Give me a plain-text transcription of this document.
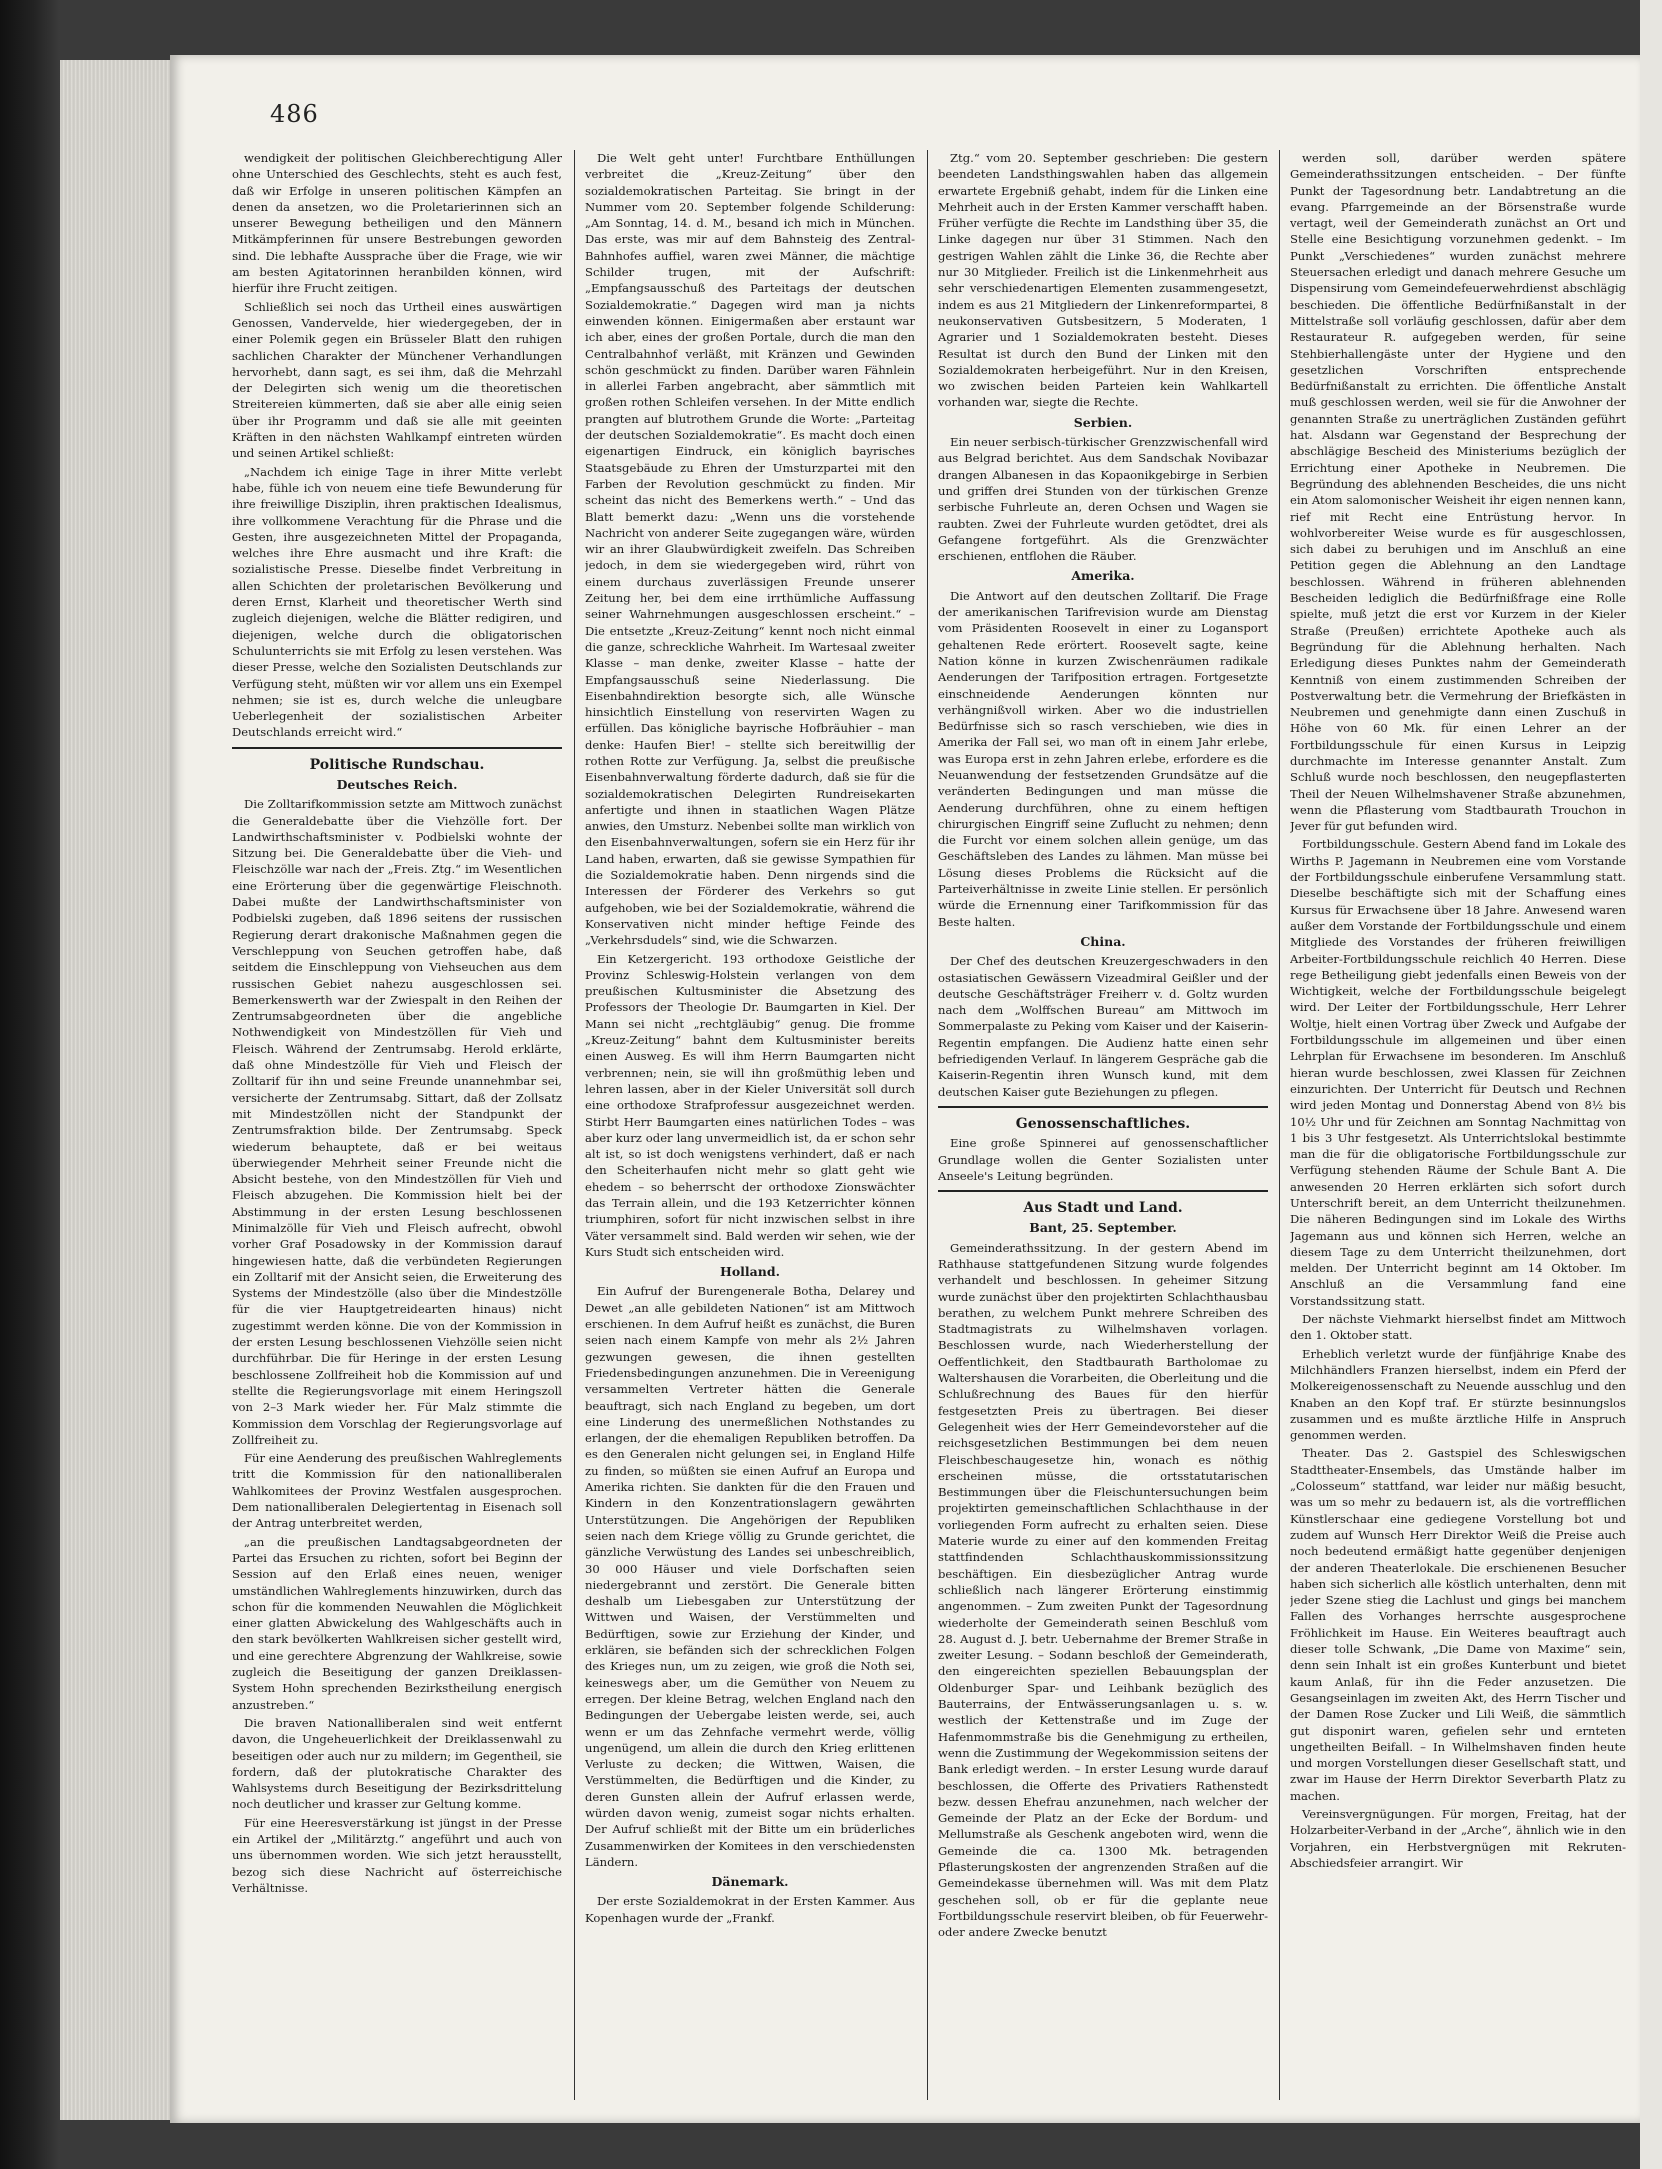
486

wendigkeit der politischen Gleichberechtigung Aller ohne Unterschied des Geschlechts, steht es auch fest, daß wir Erfolge in unseren politischen Kämpfen an denen da ansetzen, wo die Proletarierinnen sich an unserer Bewegung betheiligen und den Männern Mitkämpferinnen für unsere Bestrebungen geworden sind. Die lebhafte Aussprache über die Frage, wie wir am besten Agitatorinnen heranbilden können, wird hierfür ihre Frucht zeitigen.

Schließlich sei noch das Urtheil eines auswärtigen Genossen, Vandervelde, hier wiedergegeben, der in einer Polemik gegen ein Brüsseler Blatt den ruhigen sachlichen Charakter der Münchener Verhandlungen hervorhebt, dann sagt, es sei ihm, daß die Mehrzahl der Delegirten sich wenig um die theoretischen Streitereien kümmerten, daß sie aber alle einig seien über ihr Programm und daß sie alle mit geeinten Kräften in den nächsten Wahlkampf eintreten würden und seinen Artikel schließt:

„Nachdem ich einige Tage in ihrer Mitte verlebt habe, fühle ich von neuem eine tiefe Bewunderung für ihre freiwillige Disziplin, ihren praktischen Idealismus, ihre vollkommene Verachtung für die Phrase und die Gesten, ihre ausgezeichneten Mittel der Propaganda, welches ihre Ehre ausmacht und ihre Kraft: die sozialistische Presse. Dieselbe findet Verbreitung in allen Schichten der proletarischen Bevölkerung und deren Ernst, Klarheit und theoretischer Werth sind zugleich diejenigen, welche die Blätter redigiren, und diejenigen, welche durch die obligatorischen Schulunterrichts sie mit Erfolg zu lesen verstehen. Was dieser Presse, welche den Sozialisten Deutschlands zur Verfügung steht, müßten wir vor allem uns ein Exempel nehmen; sie ist es, durch welche die unleugbare Ueberlegenheit der sozialistischen Arbeiter Deutschlands erreicht wird.“

Politische Rundschau.
Deutsches Reich.

Die Zolltarifkommission setzte am Mittwoch zunächst die Generaldebatte über die Viehzölle fort. Der Landwirthschaftsminister v. Podbielski wohnte der Sitzung bei. Die Generaldebatte über die Vieh- und Fleischzölle war nach der „Freis. Ztg.“ im Wesentlichen eine Erörterung über die gegenwärtige Fleischnoth. Dabei mußte der Landwirthschaftsminister von Podbielski zugeben, daß 1896 seitens der russischen Regierung derart drakonische Maßnahmen gegen die Verschleppung von Seuchen getroffen habe, daß seitdem die Einschleppung von Viehseuchen aus dem russischen Gebiet nahezu ausgeschlossen sei. Bemerkenswerth war der Zwiespalt in den Reihen der Zentrumsabgeordneten über die angebliche Nothwendigkeit von Mindestzöllen für Vieh und Fleisch. Während der Zentrumsabg. Herold erklärte, daß ohne Mindestzölle für Vieh und Fleisch der Zolltarif für ihn und seine Freunde unannehmbar sei, versicherte der Zentrumsabg. Sittart, daß der Zollsatz mit Mindestzöllen nicht der Standpunkt der Zentrumsfraktion bilde. Der Zentrumsabg. Speck wiederum behauptete, daß er bei weitaus überwiegender Mehrheit seiner Freunde nicht die Absicht bestehe, von den Mindestzöllen für Vieh und Fleisch abzugehen. Die Kommission hielt bei der Abstimmung in der ersten Lesung beschlossenen Minimalzölle für Vieh und Fleisch aufrecht, obwohl vorher Graf Posadowsky in der Kommission darauf hingewiesen hatte, daß die verbündeten Regierungen ein Zolltarif mit der Ansicht seien, die Erweiterung des Systems der Mindestzölle (also über die Mindestzölle für die vier Hauptgetreidearten hinaus) nicht zugestimmt werden könne. Die von der Kommission in der ersten Lesung beschlossenen Viehzölle seien nicht durchführbar. Die für Heringe in der ersten Lesung beschlossene Zollfreiheit hob die Kommission auf und stellte die Regierungsvorlage mit einem Heringszoll von 2–3 Mark wieder her. Für Malz stimmte die Kommission dem Vorschlag der Regierungsvorlage auf Zollfreiheit zu.

Für eine Aenderung des preußischen Wahlreglements tritt die Kommission für den nationalliberalen Wahlkomitees der Provinz Westfalen ausgesprochen. Dem nationalliberalen Delegiertentag in Eisenach soll der Antrag unterbreitet werden,

„an die preußischen Landtagsabgeordneten der Partei das Ersuchen zu richten, sofort bei Beginn der Session auf den Erlaß eines neuen, weniger umständlichen Wahlreglements hinzuwirken, durch das schon für die kommenden Neuwahlen die Möglichkeit einer glatten Abwickelung des Wahlgeschäfts auch in den stark bevölkerten Wahlkreisen sicher gestellt wird, und eine gerechtere Abgrenzung der Wahlkreise, sowie zugleich die Beseitigung der ganzen Dreiklassen-System Hohn sprechenden Bezirkstheilung energisch anzustreben.“

Die braven Nationalliberalen sind weit entfernt davon, die Ungeheuerlichkeit der Dreiklassenwahl zu beseitigen oder auch nur zu mildern; im Gegentheil, sie fordern, daß der plutokratische Charakter des Wahlsystems durch Beseitigung der Bezirksdrittelung noch deutlicher und krasser zur Geltung komme.

Für eine Heeresverstärkung ist jüngst in der Presse ein Artikel der „Militärztg.“ angeführt und auch von uns übernommen worden. Wie sich jetzt herausstellt, bezog sich diese Nachricht auf österreichische Verhältnisse.

Die Welt geht unter! Furchtbare Enthüllungen verbreitet die „Kreuz-Zeitung“ über den sozialdemokratischen Parteitag. Sie bringt in der Nummer vom 20. September folgende Schilderung: „Am Sonntag, 14. d. M., besand ich mich in München. Das erste, was mir auf dem Bahnsteig des Zentral-Bahnhofes auffiel, waren zwei Männer, die mächtige Schilder trugen, mit der Aufschrift: „Empfangsausschuß des Parteitags der deutschen Sozialdemokratie.“ Dagegen wird man ja nichts einwenden können. Einigermaßen aber erstaunt war ich aber, eines der großen Portale, durch die man den Centralbahnhof verläßt, mit Kränzen und Gewinden schön geschmückt zu finden. Darüber waren Fähnlein in allerlei Farben angebracht, aber sämmtlich mit großen rothen Schleifen versehen. In der Mitte endlich prangten auf blutrothem Grunde die Worte: „Parteitag der deutschen Sozialdemokratie“. Es macht doch einen eigenartigen Eindruck, ein königlich bayrisches Staatsgebäude zu Ehren der Umsturzpartei mit den Farben der Revolution geschmückt zu finden. Mir scheint das nicht des Bemerkens werth.“ – Und das Blatt bemerkt dazu: „Wenn uns die vorstehende Nachricht von anderer Seite zugegangen wäre, würden wir an ihrer Glaubwürdigkeit zweifeln. Das Schreiben jedoch, in dem sie wiedergegeben wird, rührt von einem durchaus zuverlässigen Freunde unserer Zeitung her, bei dem eine irrthümliche Auffassung seiner Wahrnehmungen ausgeschlossen erscheint.“ – Die entsetzte „Kreuz-Zeitung“ kennt noch nicht einmal die ganze, schreckliche Wahrheit. Im Wartesaal zweiter Klasse – man denke, zweiter Klasse – hatte der Empfangsausschuß seine Niederlassung. Die Eisenbahndirektion besorgte sich, alle Wünsche hinsichtlich Einstellung von reservirten Wagen zu erfüllen. Das königliche bayrische Hofbräuhier – man denke: Haufen Bier! – stellte sich bereitwillig der rothen Rotte zur Verfügung. Ja, selbst die preußische Eisenbahnverwaltung förderte dadurch, daß sie für die sozialdemokratischen Delegirten Rundreisekarten anfertigte und ihnen in staatlichen Wagen Plätze anwies, den Umsturz. Nebenbei sollte man wirklich von den Eisenbahnverwaltungen, sofern sie ein Herz für ihr Land haben, erwarten, daß sie gewisse Sympathien für die Sozialdemokratie haben. Denn nirgends sind die Interessen der Förderer des Verkehrs so gut aufgehoben, wie bei der Sozialdemokratie, während die Konservativen nicht minder heftige Feinde des „Verkehrsdudels“ sind, wie die Schwarzen.

Ein Ketzergericht. 193 orthodoxe Geistliche der Provinz Schleswig-Holstein verlangen von dem preußischen Kultusminister die Absetzung des Professors der Theologie Dr. Baumgarten in Kiel. Der Mann sei nicht „rechtgläubig“ genug. Die fromme „Kreuz-Zeitung“ bahnt dem Kultusminister bereits einen Ausweg. Es will ihm Herrn Baumgarten nicht verbrennen; nein, sie will ihn großmüthig leben und lehren lassen, aber in der Kieler Universität soll durch eine orthodoxe Strafprofessur ausgezeichnet werden. Stirbt Herr Baumgarten eines natürlichen Todes – was aber kurz oder lang unvermeidlich ist, da er schon sehr alt ist, so ist doch wenigstens verhindert, daß er nach den Scheiterhaufen nicht mehr so glatt geht wie ehedem – so beherrscht der orthodoxe Zionswächter das Terrain allein, und die 193 Ketzerrichter können triumphiren, sofort für nicht inzwischen selbst in ihre Väter versammelt sind. Bald werden wir sehen, wie der Kurs Studt sich entscheiden wird.

Holland.

Ein Aufruf der Burengenerale Botha, Delarey und Dewet „an alle gebildeten Nationen“ ist am Mittwoch erschienen. In dem Aufruf heißt es zunächst, die Buren seien nach einem Kampfe von mehr als 2½ Jahren gezwungen gewesen, die ihnen gestellten Friedensbedingungen anzunehmen. Die in Vereenigung versammelten Vertreter hätten die Generale beauftragt, sich nach England zu begeben, um dort eine Linderung des unermeßlichen Nothstandes zu erlangen, der die ehemaligen Republiken betroffen. Da es den Generalen nicht gelungen sei, in England Hilfe zu finden, so müßten sie einen Aufruf an Europa und Amerika richten. Sie dankten für die den Frauen und Kindern in den Konzentrationslagern gewährten Unterstützungen. Die Angehörigen der Republiken seien nach dem Kriege völlig zu Grunde gerichtet, die gänzliche Verwüstung des Landes sei unbeschreiblich, 30 000 Häuser und viele Dorfschaften seien niedergebrannt und zerstört. Die Generale bitten deshalb um Liebesgaben zur Unterstützung der Wittwen und Waisen, der Verstümmelten und Bedürftigen, sowie zur Erziehung der Kinder, und erklären, sie befänden sich der schrecklichen Folgen des Krieges nun, um zu zeigen, wie groß die Noth sei, keineswegs aber, um die Gemüther von Neuem zu erregen. Der kleine Betrag, welchen England nach den Bedingungen der Uebergabe leisten werde, sei, auch wenn er um das Zehnfache vermehrt werde, völlig ungenügend, um allein die durch den Krieg erlittenen Verluste zu decken; die Wittwen, Waisen, die Verstümmelten, die Bedürftigen und die Kinder, zu deren Gunsten allein der Aufruf erlassen werde, würden davon wenig, zumeist sogar nichts erhalten. Der Aufruf schließt mit der Bitte um ein brüderliches Zusammenwirken der Komitees in den verschiedensten Ländern.

Dänemark.

Der erste Sozialdemokrat in der Ersten Kammer. Aus Kopenhagen wurde der „Frankf.

Ztg.“ vom 20. September geschrieben: Die gestern beendeten Landsthingswahlen haben das allgemein erwartete Ergebniß gehabt, indem für die Linken eine Mehrheit auch in der Ersten Kammer verschafft haben. Früher verfügte die Rechte im Landsthing über 35, die Linke dagegen nur über 31 Stimmen. Nach den gestrigen Wahlen zählt die Linke 36, die Rechte aber nur 30 Mitglieder. Freilich ist die Linkenmehrheit aus sehr verschiedenartigen Elementen zusammengesetzt, indem es aus 21 Mitgliedern der Linkenreformpartei, 8 neukonservativen Gutsbesitzern, 5 Moderaten, 1 Agrarier und 1 Sozialdemokraten besteht. Dieses Resultat ist durch den Bund der Linken mit den Sozialdemokraten herbeigeführt. Nur in den Kreisen, wo zwischen beiden Parteien kein Wahlkartell vorhanden war, siegte die Rechte.

Serbien.

Ein neuer serbisch-türkischer Grenzzwischenfall wird aus Belgrad berichtet. Aus dem Sandschak Novibazar drangen Albanesen in das Kopaonikgebirge in Serbien und griffen drei Stunden von der türkischen Grenze serbische Fuhrleute an, deren Ochsen und Wagen sie raubten. Zwei der Fuhrleute wurden getödtet, drei als Gefangene fortgeführt. Als die Grenzwächter erschienen, entflohen die Räuber.

Amerika.

Die Antwort auf den deutschen Zolltarif. Die Frage der amerikanischen Tarifrevision wurde am Dienstag vom Präsidenten Roosevelt in einer zu Logansport gehaltenen Rede erörtert. Roosevelt sagte, keine Nation könne in kurzen Zwischenräumen radikale Aenderungen der Tarifposition ertragen. Fortgesetzte einschneidende Aenderungen könnten nur verhängnißvoll wirken. Aber wo die industriellen Bedürfnisse sich so rasch verschieben, wie dies in Amerika der Fall sei, wo man oft in einem Jahr erlebe, was Europa erst in zehn Jahren erlebe, erfordere es die Neuanwendung der festsetzenden Grundsätze auf die veränderten Bedingungen und man müsse die Aenderung durchführen, ohne zu einem heftigen chirurgischen Eingriff seine Zuflucht zu nehmen; denn die Furcht vor einem solchen allein genüge, um das Geschäftsleben des Landes zu lähmen. Man müsse bei Lösung dieses Problems die Rücksicht auf die Parteiverhältnisse in zweite Linie stellen. Er persönlich würde die Ernennung einer Tarifkommission für das Beste halten.

China.

Der Chef des deutschen Kreuzergeschwaders in den ostasiatischen Gewässern Vizeadmiral Geißler und der deutsche Geschäftsträger Freiherr v. d. Goltz wurden nach dem „Wolffschen Bureau“ am Mittwoch im Sommerpalaste zu Peking vom Kaiser und der Kaiserin-Regentin empfangen. Die Audienz hatte einen sehr befriedigenden Verlauf. In längerem Gespräche gab die Kaiserin-Regentin ihren Wunsch kund, mit dem deutschen Kaiser gute Beziehungen zu pflegen.

Genossenschaftliches.

Eine große Spinnerei auf genossenschaftlicher Grundlage wollen die Genter Sozialisten unter Anseele's Leitung begründen.

Aus Stadt und Land.
Bant, 25. September.

Gemeinderathssitzung. In der gestern Abend im Rathhause stattgefundenen Sitzung wurde folgendes verhandelt und beschlossen. In geheimer Sitzung wurde zunächst über den projektirten Schlachthausbau berathen, zu welchem Punkt mehrere Schreiben des Stadtmagistrats zu Wilhelmshaven vorlagen. Beschlossen wurde, nach Wiederherstellung der Oeffentlichkeit, den Stadtbaurath Bartholomae zu Waltershausen die Vorarbeiten, die Oberleitung und die Schlußrechnung des Baues für den hierfür festgesetzten Preis zu übertragen. Bei dieser Gelegenheit wies der Herr Gemeindevorsteher auf die reichsgesetzlichen Bestimmungen bei dem neuen Fleischbeschaugesetze hin, wonach es nöthig erscheinen müsse, die ortsstatutarischen Bestimmungen über die Fleischuntersuchungen beim projektirten gemeinschaftlichen Schlachthause in der vorliegenden Form aufrecht zu erhalten seien. Diese Materie wurde zu einer auf den kommenden Freitag stattfindenden Schlachthauskommissionssitzung beschäftigen. Ein diesbezüglicher Antrag wurde schließlich nach längerer Erörterung einstimmig angenommen. – Zum zweiten Punkt der Tagesordnung wiederholte der Gemeinderath seinen Beschluß vom 28. August d. J. betr. Uebernahme der Bremer Straße in zweiter Lesung. – Sodann beschloß der Gemeinderath, den eingereichten speziellen Bebauungsplan der Oldenburger Spar- und Leihbank bezüglich des Bauterrains, der Entwässerungsanlagen u. s. w. westlich der Kettenstraße und im Zuge der Hafenmommstraße bis die Genehmigung zu ertheilen, wenn die Zustimmung der Wegekommission seitens der Bank erledigt werden. – In erster Lesung wurde darauf beschlossen, die Offerte des Privatiers Rathenstedt bezw. dessen Ehefrau anzunehmen, nach welcher der Gemeinde der Platz an der Ecke der Bordum- und Mellumstraße als Geschenk angeboten wird, wenn die Gemeinde die ca. 1300 Mk. betragenden Pflasterungskosten der angrenzenden Straßen auf die Gemeindekasse übernehmen will. Was mit dem Platz geschehen soll, ob er für die geplante neue Fortbildungsschule reservirt bleiben, ob für Feuerwehr- oder andere Zwecke benutzt

werden soll, darüber werden spätere Gemeinderathssitzungen entscheiden. – Der fünfte Punkt der Tagesordnung betr. Landabtretung an die evang. Pfarrgemeinde an der Börsenstraße wurde vertagt, weil der Gemeinderath zunächst an Ort und Stelle eine Besichtigung vorzunehmen gedenkt. – Im Punkt „Verschiedenes“ wurden zunächst mehrere Steuersachen erledigt und danach mehrere Gesuche um Dispensirung vom Gemeindefeuerwehrdienst abschlägig beschieden. Die öffentliche Bedürfnißanstalt in der Mittelstraße soll vorläufig geschlossen, dafür aber dem Restaurateur R. aufgegeben werden, für seine Stehbierhallengäste unter der Hygiene und den gesetzlichen Vorschriften entsprechende Bedürfnißanstalt zu errichten. Die öffentliche Anstalt muß geschlossen werden, weil sie für die Anwohner der genannten Straße zu unerträglichen Zuständen geführt hat. Alsdann war Gegenstand der Besprechung der abschlägige Bescheid des Ministeriums bezüglich der Errichtung einer Apotheke in Neubremen. Die Begründung des ablehnenden Bescheides, die uns nicht ein Atom salomonischer Weisheit ihr eigen nennen kann, rief mit Recht eine Entrüstung hervor. In wohlvorbereiter Weise wurde es für ausgeschlossen, sich dabei zu beruhigen und im Anschluß an eine Petition gegen die Ablehnung an den Landtage beschlossen. Während in früheren ablehnenden Bescheiden lediglich die Bedürfnißfrage eine Rolle spielte, muß jetzt die erst vor Kurzem in der Kieler Straße (Preußen) errichtete Apotheke auch als Begründung für die Ablehnung herhalten. Nach Erledigung dieses Punktes nahm der Gemeinderath Kenntniß von einem zustimmenden Schreiben der Postverwaltung betr. die Vermehrung der Briefkästen in Neubremen und genehmigte dann einen Zuschuß in Höhe von 60 Mk. für einen Lehrer an der Fortbildungsschule für einen Kursus in Leipzig durchmachte im Interesse genannter Anstalt. Zum Schluß wurde noch beschlossen, den neugepflasterten Theil der Neuen Wilhelmshavener Straße abzunehmen, wenn die Pflasterung vom Stadtbaurath Trouchon in Jever für gut befunden wird.

Fortbildungsschule. Gestern Abend fand im Lokale des Wirths P. Jagemann in Neubremen eine vom Vorstande der Fortbildungsschule einberufene Versammlung statt. Dieselbe beschäftigte sich mit der Schaffung eines Kursus für Erwachsene über 18 Jahre. Anwesend waren außer dem Vorstande der Fortbildungsschule und einem Mitgliede des Vorstandes der früheren freiwilligen Arbeiter-Fortbildungsschule reichlich 40 Herren. Diese rege Betheiligung giebt jedenfalls einen Beweis von der Wichtigkeit, welche der Fortbildungsschule beigelegt wird. Der Leiter der Fortbildungsschule, Herr Lehrer Woltje, hielt einen Vortrag über Zweck und Aufgabe der Fortbildungsschule im allgemeinen und über einen Lehrplan für Erwachsene im besonderen. Im Anschluß hieran wurde beschlossen, zwei Klassen für Zeichnen einzurichten. Der Unterricht für Deutsch und Rechnen wird jeden Montag und Donnerstag Abend von 8½ bis 10½ Uhr und für Zeichnen am Sonntag Nachmittag von 1 bis 3 Uhr festgesetzt. Als Unterrichtslokal bestimmte man die für die obligatorische Fortbildungsschule zur Verfügung stehenden Räume der Schule Bant A. Die anwesenden 20 Herren erklärten sich sofort durch Unterschrift bereit, an dem Unterricht theilzunehmen. Die näheren Bedingungen sind im Lokale des Wirths Jagemann aus und können sich Herren, welche an diesem Tage zu dem Unterricht theilzunehmen, dort melden. Der Unterricht beginnt am 14 Oktober. Im Anschluß an die Versammlung fand eine Vorstandssitzung statt.

Der nächste Viehmarkt hierselbst findet am Mittwoch den 1. Oktober statt.

Erheblich verletzt wurde der fünfjährige Knabe des Milchhändlers Franzen hierselbst, indem ein Pferd der Molkereigenossenschaft zu Neuende ausschlug und den Knaben an den Kopf traf. Er stürzte besinnungslos zusammen und es mußte ärztliche Hilfe in Anspruch genommen werden.

Theater. Das 2. Gastspiel des Schleswigschen Stadttheater-Ensembels, das Umstände halber im „Colosseum“ stattfand, war leider nur mäßig besucht, was um so mehr zu bedauern ist, als die vortrefflichen Künstlerschaar eine gediegene Vorstellung bot und zudem auf Wunsch Herr Direktor Weiß die Preise auch noch bedeutend ermäßigt hatte gegenüber denjenigen der anderen Theaterlokale. Die erschienenen Besucher haben sich sicherlich alle köstlich unterhalten, denn mit jeder Szene stieg die Lachlust und gings bei manchem Fallen des Vorhanges herrschte ausgesprochene Fröhlichkeit im Hause. Ein Weiteres beauftragt auch dieser tolle Schwank, „Die Dame von Maxime“ sein, denn sein Inhalt ist ein großes Kunterbunt und bietet kaum Anlaß, für ihn die Feder anzusetzen. Die Gesangseinlagen im zweiten Akt, des Herrn Tischer und der Damen Rose Zucker und Lili Weiß, die sämmtlich gut disponirt waren, gefielen sehr und ernteten ungetheilten Beifall. – In Wilhelmshaven finden heute und morgen Vorstellungen dieser Gesellschaft statt, und zwar im Hause der Herrn Direktor Severbarth Platz zu machen.

Vereinsvergnügungen. Für morgen, Freitag, hat der Holzarbeiter-Verband in der „Arche“, ähnlich wie in den Vorjahren, ein Herbstvergnügen mit Rekruten-Abschiedsfeier arrangirt. Wir
